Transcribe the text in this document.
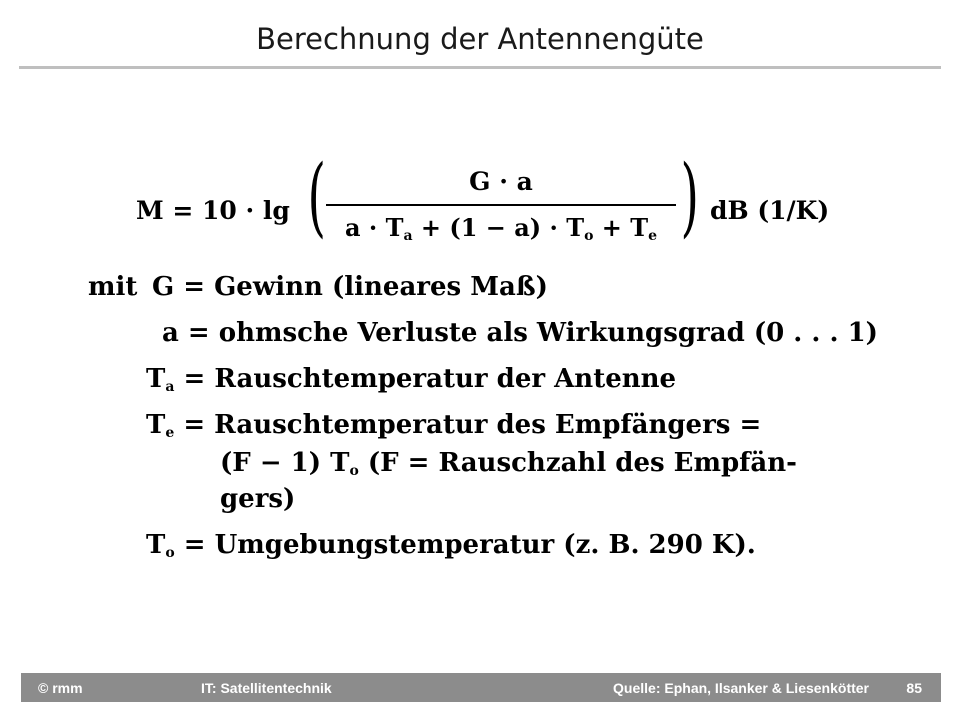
Berechnung der Antennengüte
M = 10 · lg (	G · a
$a \cdot T_a + (1 - a) \cdot T_o + T_e$ ) dB (1/K)
mit G = Gewinn (lineares Maß)
a = ohmsche Verluste als Wirkungsgrad (0 . . . 1)
$T_a$ = Rauschtemperatur der Antenne
$T_e$ = Rauschtemperatur des Empfängers =
(F − 1) $T_o$ (F = Rauschzahl des Empfän-
gers)
$T_o$ = Umgebungstemperatur (z. B. 290 K).
© rmm	IT: Satellitentechnik	Quelle: Ephan, Ilsanker & Liesenkötter	85
